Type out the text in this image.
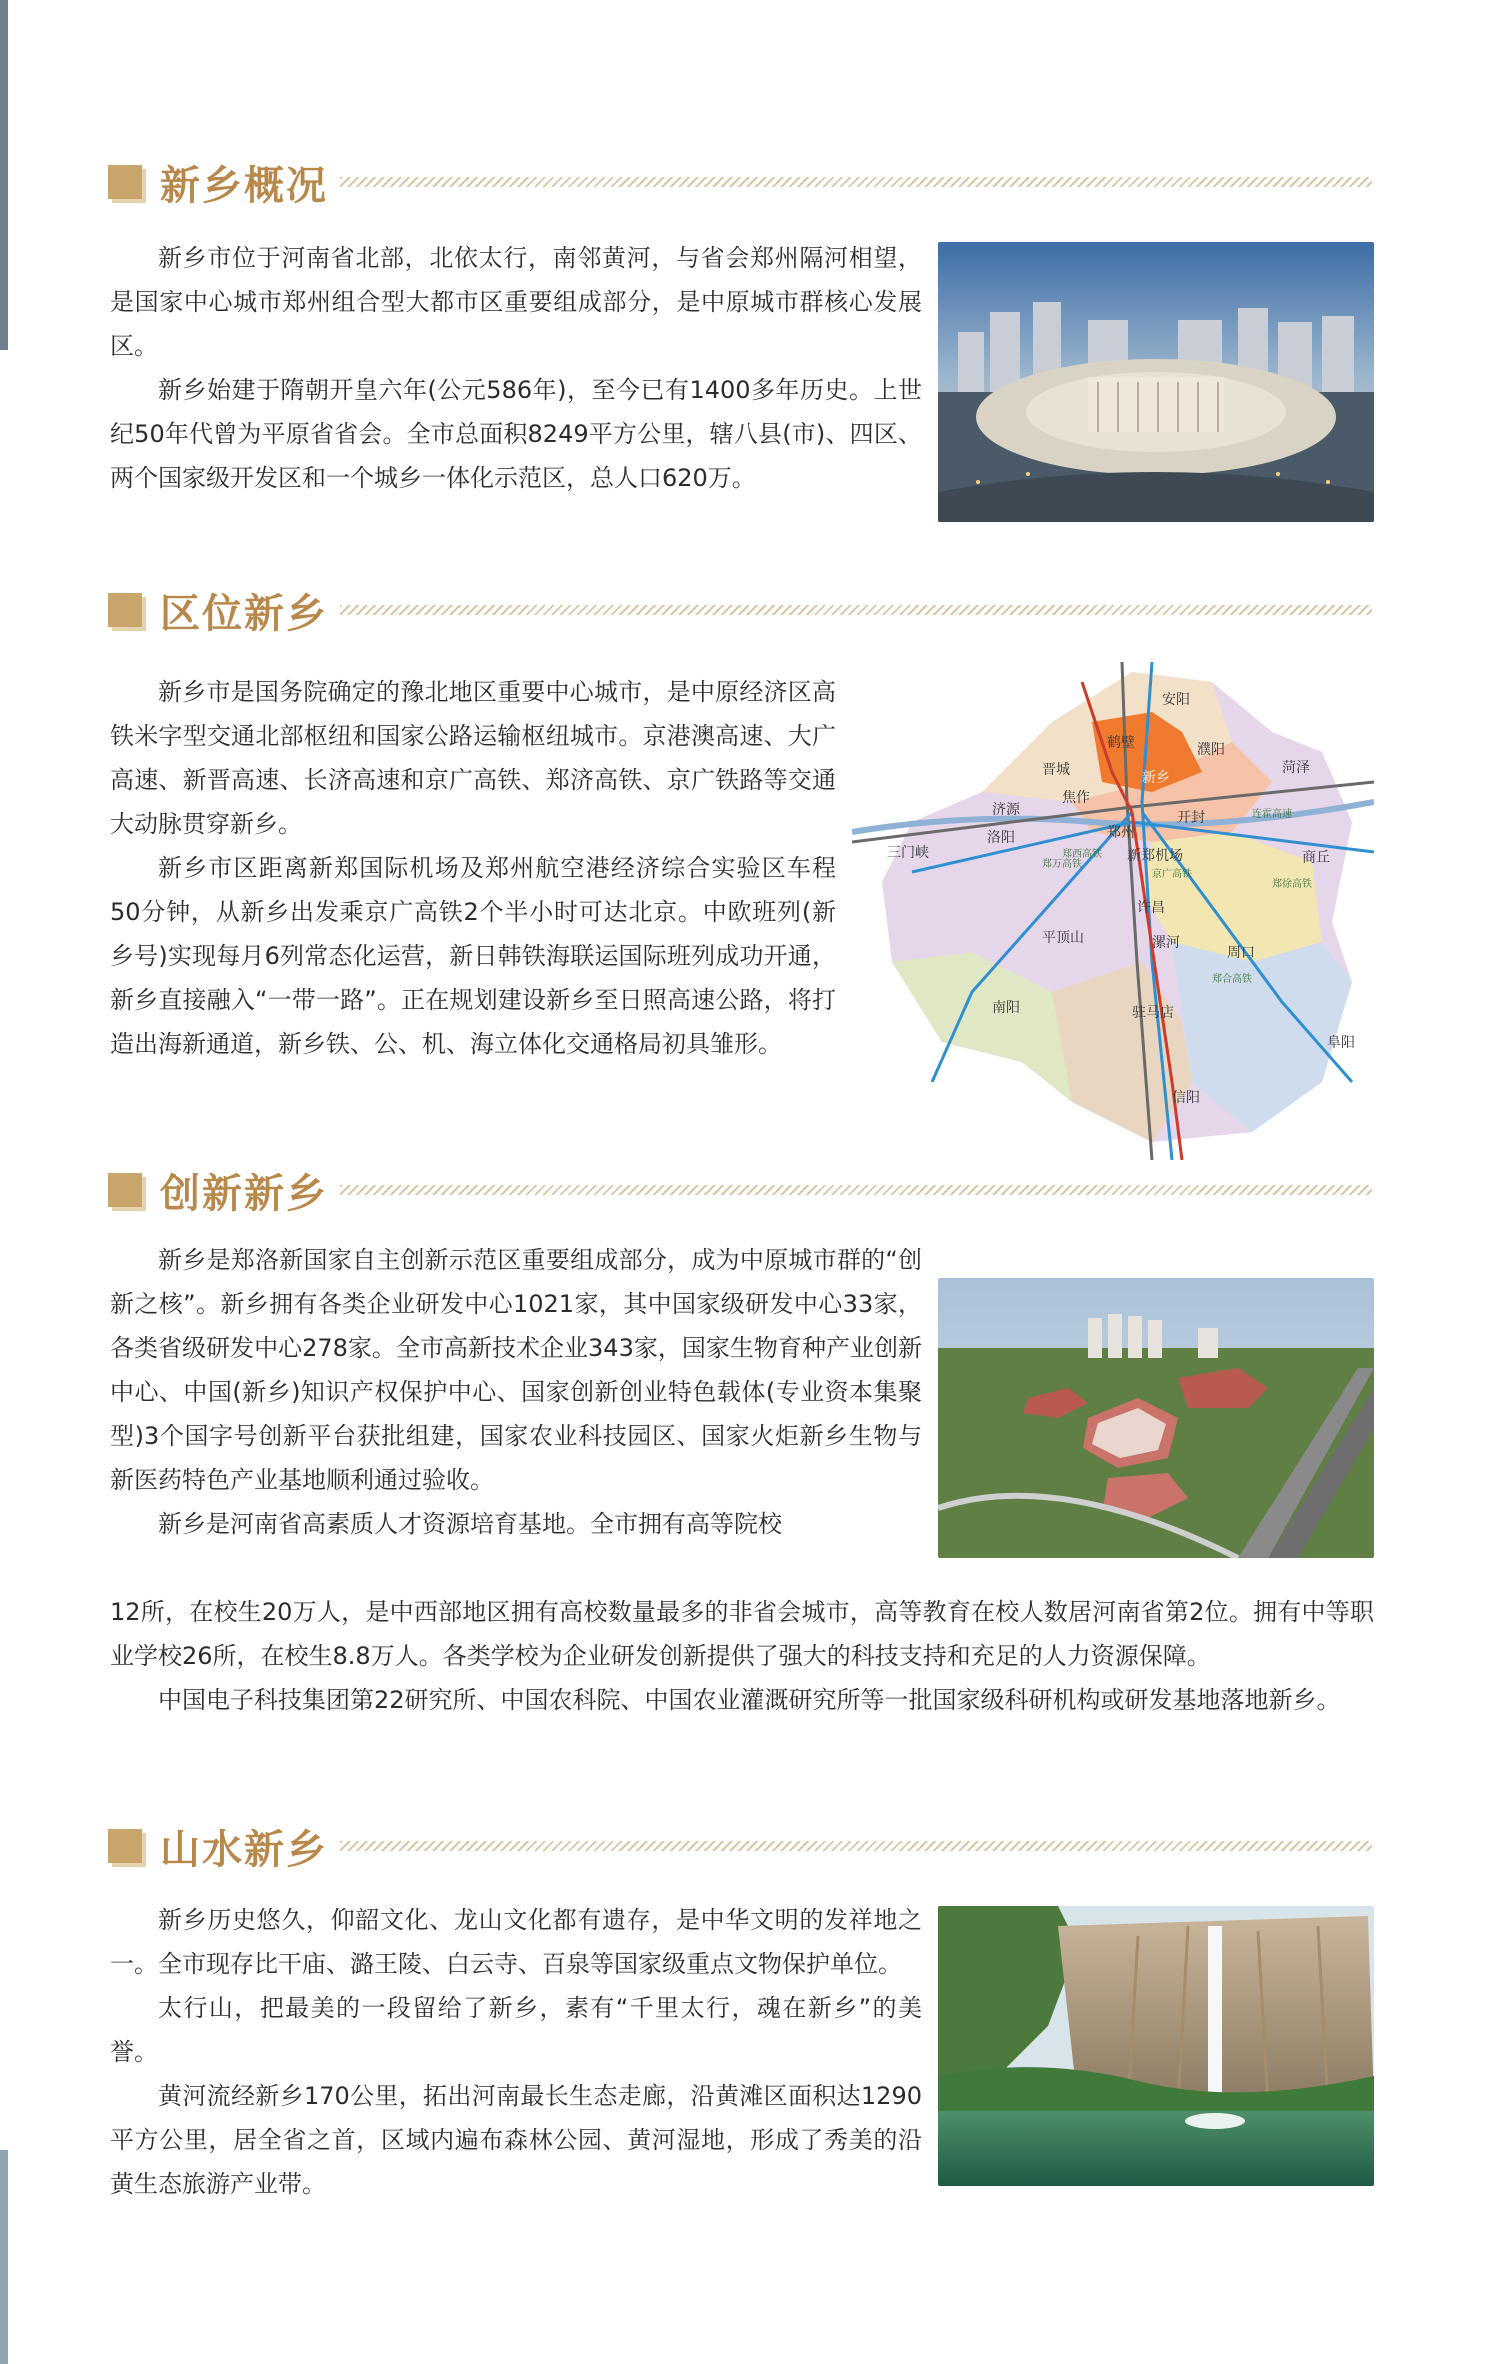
新乡概况

新乡市位于河南省北部，北依太行，南邻黄河，与省会郑州隔河相望，是国家中心城市郑州组合型大都市区重要组成部分，是中原城市群核心发展区。

新乡始建于隋朝开皇六年(公元586年)，至今已有1400多年历史。上世纪50年代曾为平原省省会。全市总面积8249平方公里，辖八县(市)、四区、两个国家级开发区和一个城乡一体化示范区，总人口620万。

区位新乡

新乡市是国务院确定的豫北地区重要中心城市，是中原经济区高铁米字型交通北部枢纽和国家公路运输枢纽城市。京港澳高速、大广高速、新晋高速、长济高速和京广高铁、郑济高铁、京广铁路等交通大动脉贯穿新乡。

新乡市区距离新郑国际机场及郑州航空港经济综合实验区车程50分钟，从新乡出发乘京广高铁2个半小时可达北京。中欧班列(新乡号)实现每月6列常态化运营，新日韩铁海联运国际班列成功开通，新乡直接融入“一带一路”。正在规划建设新乡至日照高速公路，将打造出海新通道，新乡铁、公、机、海立体化交通格局初具雏形。

安阳
鹤壁	濮阳
晋城
济源
焦作
新乡
菏泽
三门峡
洛阳	郑州
开封
商丘
新郑机场
许昌
平顶山	漯河
周口
南阳	驻马店
阜阳
信阳
郑西高铁
郑徐高铁
郑万高铁
京广高铁
连霍高速
郑合高铁
创新新乡

新乡是郑洛新国家自主创新示范区重要组成部分，成为中原城市群的“创新之核”。新乡拥有各类企业研发中心1021家，其中国家级研发中心33家，各类省级研发中心278家。全市高新技术企业343家，国家生物育种产业创新中心、中国(新乡)知识产权保护中心、国家创新创业特色载体(专业资本集聚型)3个国字号创新平台获批组建，国家农业科技园区、国家火炬新乡生物与新医药特色产业基地顺利通过验收。

新乡是河南省高素质人才资源培育基地。全市拥有高等院校

12所，在校生20万人，是中西部地区拥有高校数量最多的非省会城市，高等教育在校人数居河南省第2位。拥有中等职业学校26所，在校生8.8万人。各类学校为企业研发创新提供了强大的科技支持和充足的人力资源保障。

中国电子科技集团第22研究所、中国农科院、中国农业灌溉研究所等一批国家级科研机构或研发基地落地新乡。

山水新乡

新乡历史悠久，仰韶文化、龙山文化都有遗存，是中华文明的发祥地之一。全市现存比干庙、潞王陵、白云寺、百泉等国家级重点文物保护单位。

太行山，把最美的一段留给了新乡，素有“千里太行，魂在新乡”的美誉。

黄河流经新乡170公里，拓出河南最长生态走廊，沿黄滩区面积达1290平方公里，居全省之首，区域内遍布森林公园、黄河湿地，形成了秀美的沿黄生态旅游产业带。
